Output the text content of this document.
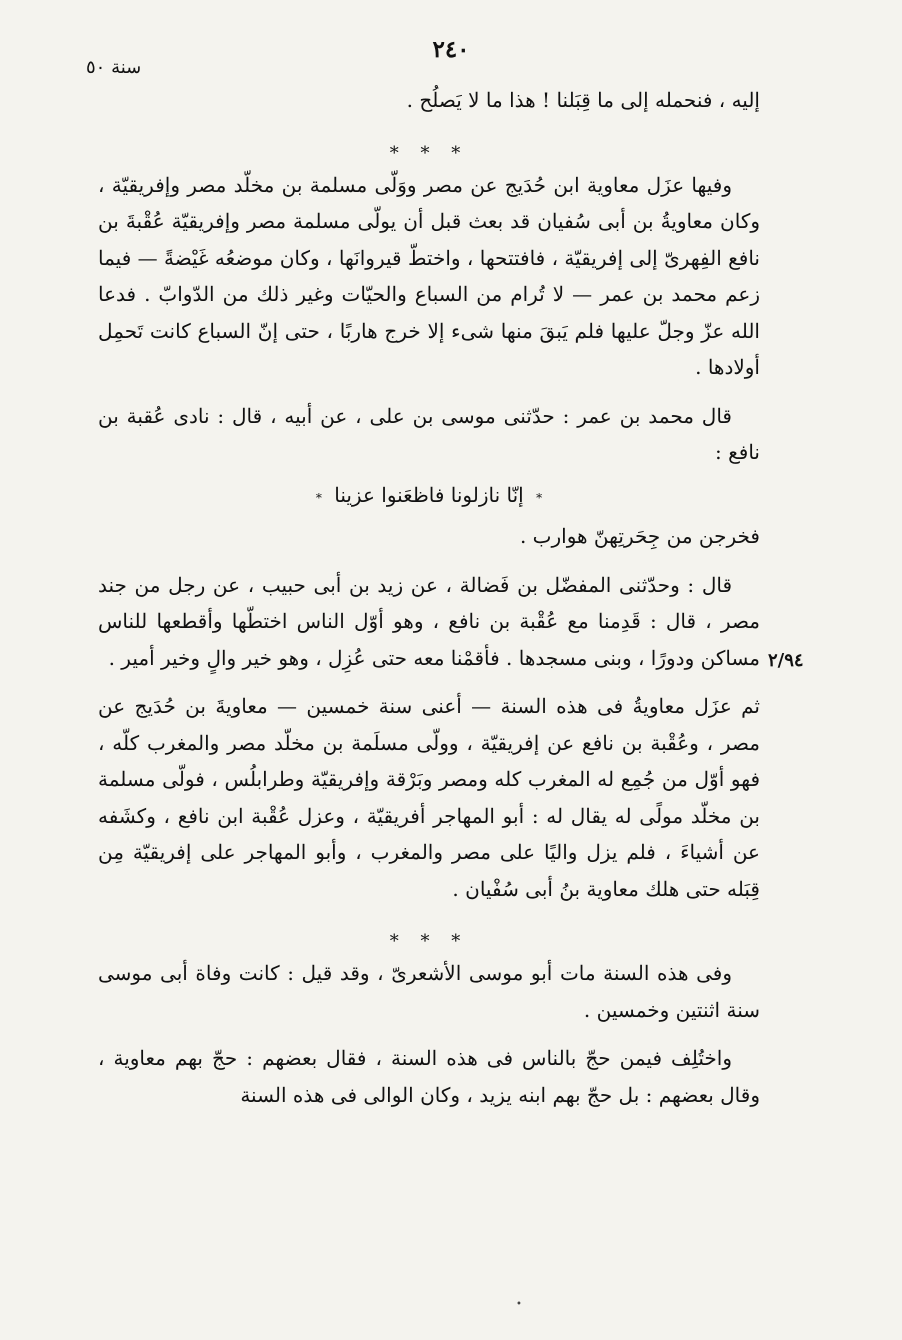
٢٤٠
سنة ٥٠
٢/٩٤

إليه ، فنحمله إلى ما قِبَلنا ! هذا ما لا يَصلُح .

* * *

وفيها عزَل معاوية ابن حُدَيج عن مصر ووَلّى مسلمة بن مخلّد مصر وإفريقيّة ، وكان معاويةُ بن أبى سُفيان قد بعث قبل أن يولّى مسلمة مصر وإفريقيّة عُقْبةَ بن نافع الفِهرىّ إلى إفريقيّة ، فافتتحها ، واختطّ قيروانَها ، وكان موضعُه غَيْضةً — فيما زعم محمد بن عمر — لا تُرام من السباع والحيّات وغير ذلك من الدّوابّ . فدعا الله عزّ وجلّ عليها فلم يَبقَ منها شىء إلا خرج هاربًا ، حتى إنّ السباع كانت تَحمِل أولادها .

قال محمد بن عمر : حدّثنى موسى بن على ، عن أبيه ، قال : نادى عُقبة بن نافع :

* إنّا نازلونا فاظعَنوا عزينا *

فخرجن من جِحَرتِهنّ هوارب .

قال : وحدّثنى المفضّل بن فَضالة ، عن زيد بن أبى حبيب ، عن رجل من جند مصر ، قال : قَدِمنا مع عُقْبة بن نافع ، وهو أوّل الناس اختطّها وأقطعها للناس مساكن ودورًا ، وبنى مسجدها . فأقمْنا معه حتى عُزِل ، وهو خير والٍ وخير أمير .

ثم عزَل معاويةُ فى هذه السنة — أعنى سنة خمسين — معاويةَ بن حُدَيج عن مصر ، وعُقْبة بن نافع عن إفريقيّة ، وولّى مسلَمة بن مخلّد مصر والمغرب كلّه ، فهو أوّل من جُمِع له المغرب كله ومصر وبَرْقة وإفريقيّة وطرابلُس ، فولّى مسلمة بن مخلّد مولًى له يقال له : أبو المهاجر أفريقيّة ، وعزل عُقْبة ابن نافع ، وكشَفه عن أشياءَ ، فلم يزل واليًا على مصر والمغرب ، وأبو المهاجر على إفريقيّة مِن قِبَله حتى هلك معاوية بنُ أبى سُفْيان .

* * *

وفى هذه السنة مات أبو موسى الأشعرىّ ، وقد قيل : كانت وفاة أبى موسى سنة اثنتين وخمسين .

واختُلِف فيمن حجّ بالناس فى هذه السنة ، فقال بعضهم : حجّ بهم معاوية ، وقال بعضهم : بل حجّ بهم ابنه يزيد ، وكان الوالى فى هذه السنة

•
